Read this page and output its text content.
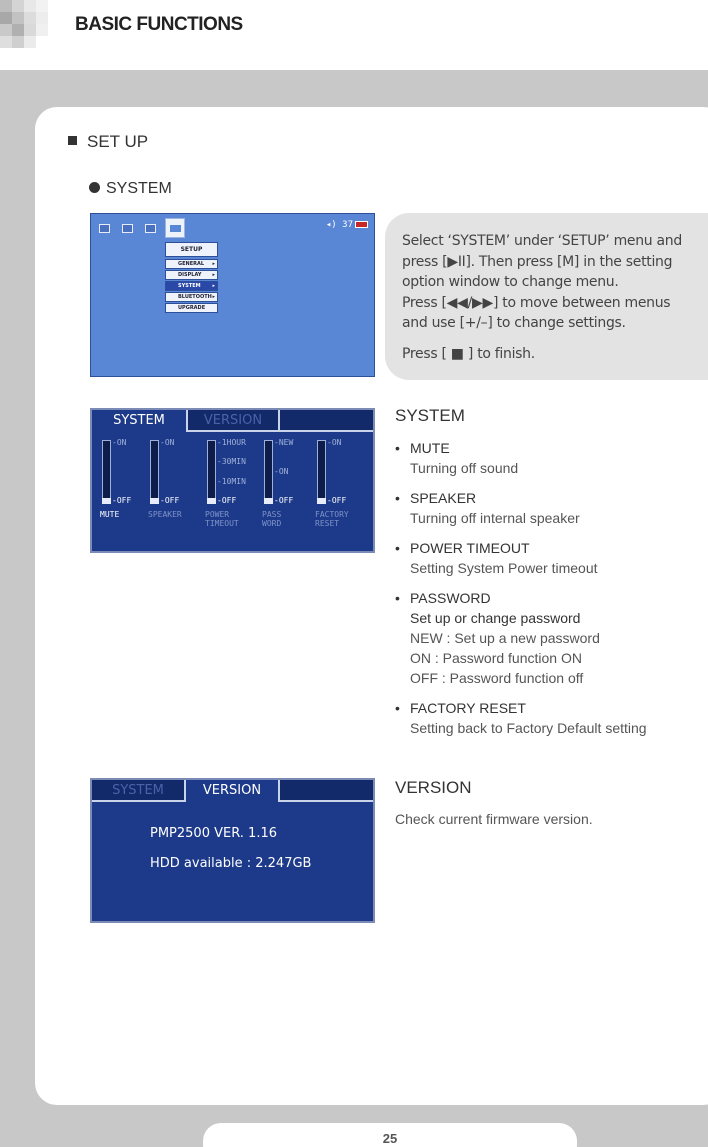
BASIC FUNCTIONS
SET UP
SYSTEM
◂) 37
SETUP
GENERAL ▸
DISPLAY ▸
SYSTEM ▸
BLUETOOTH ▸
UPGRADE

Select ‘SYSTEM’ under ‘SETUP’ menu and

press [▶II]. Then press [M] in the setting

option window to change menu.

Press [◀◀/▶▶] to move between menus

and use [+/–] to change settings.

Press [ ■ ] to finish.

SYSTEM	VERSION
-ON
-OFF
MUTE
-ON
-OFF
SPEAKER
-1HOUR
-30MIN
-10MIN
-OFF
POWER
TIMEOUT
-NEW
-ON
-OFF
PASS
WORD
-ON
-OFF
FACTORY
RESET
SYSTEM
• MUTE
Turning off sound
• SPEAKER
Turning off internal speaker
• POWER TIMEOUT
Setting System Power timeout
• PASSWORD
Set up or change password
NEW : Set up a new password
ON : Password function ON
OFF : Password function off
• FACTORY RESET
Setting back to Factory Default setting
SYSTEM	VERSION
PMP2500 VER. 1.16
HDD available : 2.247GB
VERSION
Check current firmware version.
25
